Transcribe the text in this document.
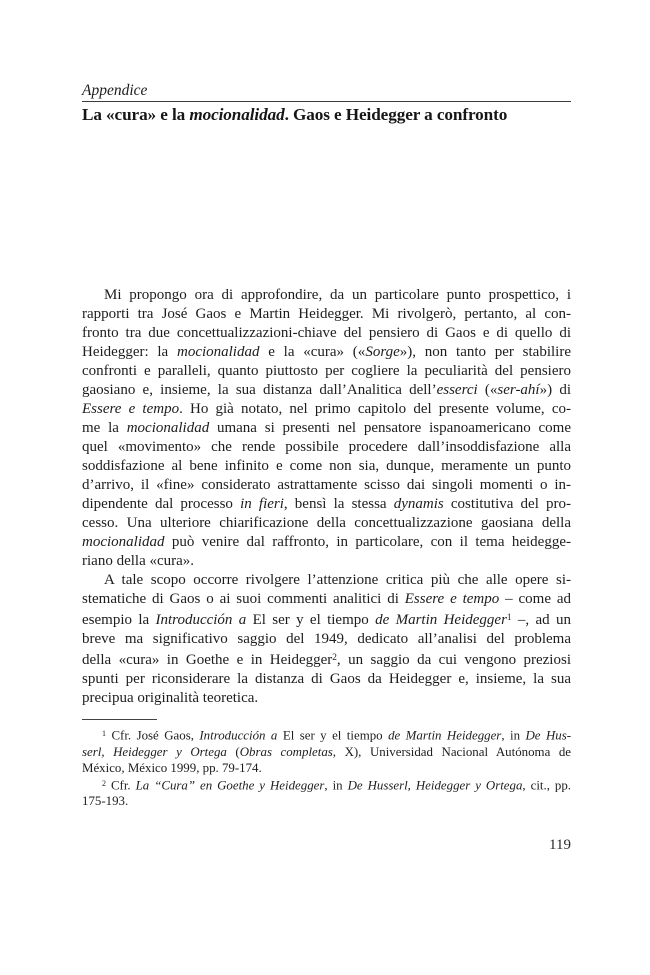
Appendice
La «cura» e la mocionalidad. Gaos e Heidegger a confronto
Mi propongo ora di approfondire, da un particolare punto prospettico, i
rapporti tra José Gaos e Martin Heidegger. Mi rivolgerò, pertanto, al con-
fronto tra due concettualizzazioni-chiave del pensiero di Gaos e di quello di
Heidegger: la mocionalidad e la «cura» («Sorge»), non tanto per stabilire
confronti e paralleli, quanto piuttosto per cogliere la peculiarità del pensiero
gaosiano e, insieme, la sua distanza dall’Analitica dell’esserci («ser-ahí») di
Essere e tempo. Ho già notato, nel primo capitolo del presente volume, co-
me la mocionalidad umana si presenti nel pensatore ispanoamericano come
quel «movimento» che rende possibile procedere dall’insoddisfazione alla
soddisfazione al bene infinito e come non sia, dunque, meramente un punto
d’arrivo, il «fine» considerato astrattamente scisso dai singoli momenti o in-
dipendente dal processo in fieri, bensì la stessa dynamis costitutiva del pro-
cesso. Una ulteriore chiarificazione della concettualizzazione gaosiana della
mocionalidad può venire dal raffronto, in particolare, con il tema heidegge-
riano della «cura».
A tale scopo occorre rivolgere l’attenzione critica più che alle opere si-
stematiche di Gaos o ai suoi commenti analitici di Essere e tempo – come ad
esempio la Introducción a El ser y el tiempo de Martin Heidegger$^1$ –, ad un
breve ma significativo saggio del 1949, dedicato all’analisi del problema
della «cura» in Goethe e in Heidegger$^2$, un saggio da cui vengono preziosi
spunti per riconsiderare la distanza di Gaos da Heidegger e, insieme, la sua
precipua originalità teoretica.
$^1$ Cfr. José Gaos, Introducción a El ser y el tiempo de Martin Heidegger, in De Hus-
serl, Heidegger y Ortega (Obras completas, X), Universidad Nacional Autónoma de
México, México 1999, pp. 79-174.
$^2$ Cfr. La “Cura” en Goethe y Heidegger, in De Husserl, Heidegger y Ortega, cit., pp.
175-193.
119
